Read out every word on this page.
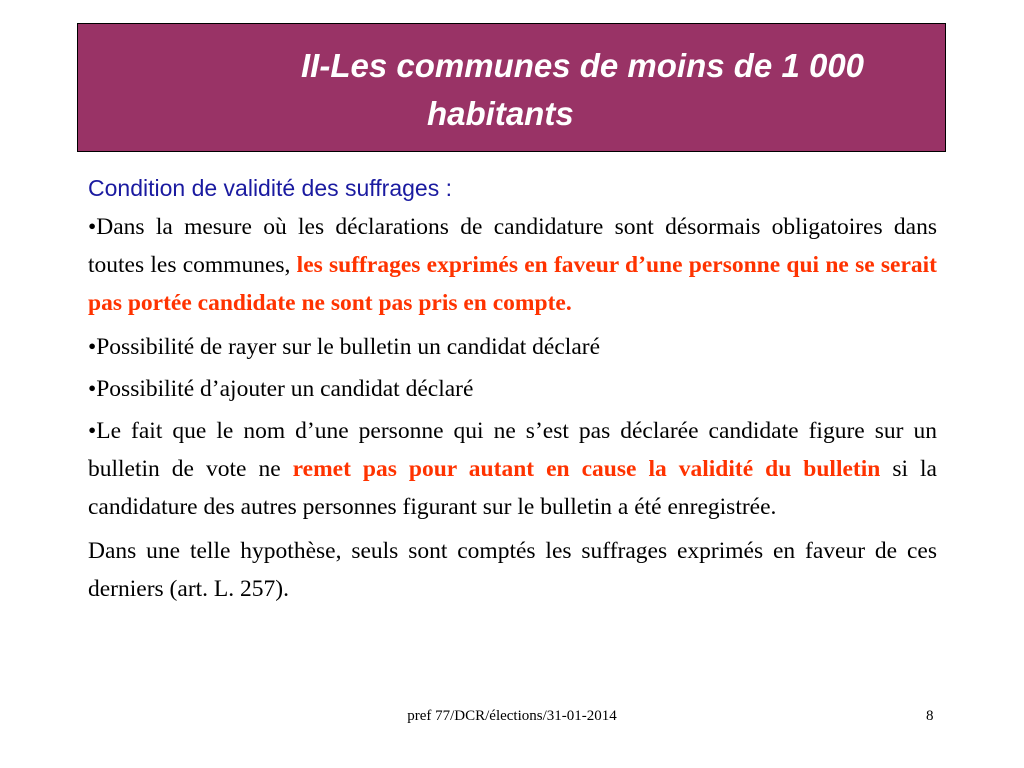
II-Les communes de moins de 1 000
habitants
Condition de validité des suffrages :

•Dans la mesure où les déclarations de candidature sont désormais obligatoires dans toutes les communes, les suffrages exprimés en faveur d’une personne qui ne se serait pas portée candidate ne sont pas pris en compte.

•Possibilité de rayer sur le bulletin un candidat déclaré

•Possibilité d’ajouter un candidat déclaré

•Le fait que le nom d’une personne qui ne s’est pas déclarée candidate figure sur un bulletin de vote ne remet pas pour autant en cause la validité du bulletin si la candidature des autres personnes figurant sur le bulletin a été enregistrée.

Dans une telle hypothèse, seuls sont comptés les suffrages exprimés en faveur de ces derniers (art. L. 257).

pref 77/DCR/élections/31-01-2014	8
